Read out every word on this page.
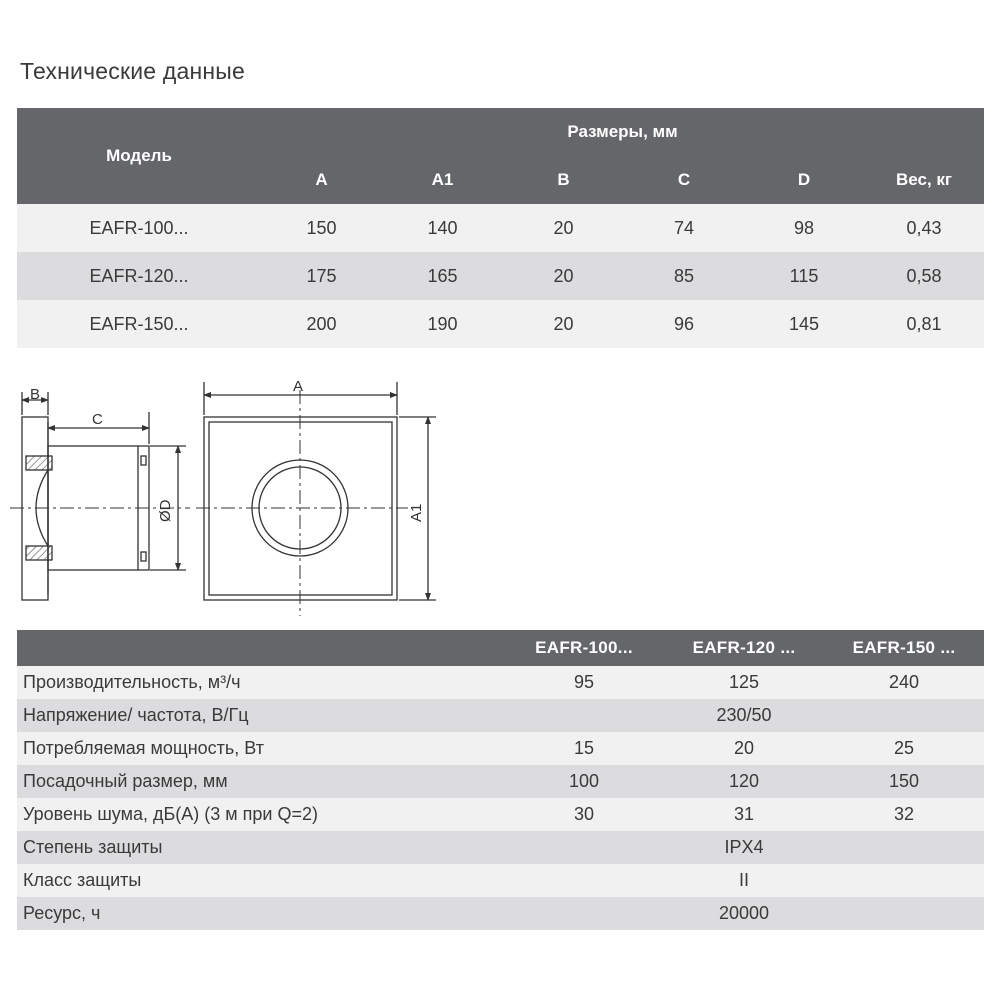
Технические данные
Модель	Размеры, мм					
	A	A1	B	C	D	Вес, кг
EAFR-100...	150	140	20	74	98	0,43
EAFR-120...	175	165	20	85	115	0,58
EAFR-150...	200	190	20	96	145	0,81
B
C
ØD
A
A1
	EAFR-100...	EAFR-120 ...	EAFR-150 ...
Производительность, м³/ч	95	125	240
Напряжение/ частота, В/Гц	230/50		
Потребляемая мощность, Вт	15	20	25
Посадочный размер, мм	100	120	150
Уровень шума, дБ(А) (3 м при Q=2)	30	31	32
Степень защиты	IPX4		
Класс защиты	II		
Ресурс, ч	20000		
